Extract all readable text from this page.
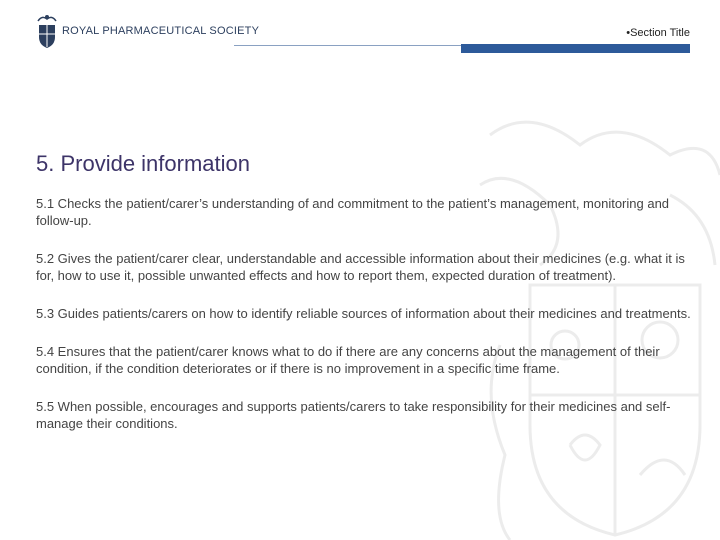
ROYAL PHARMACEUTICAL SOCIETY	•Section Title
5. Provide information

5.1 Checks the patient/carer’s understanding of and commitment to the patient’s management, monitoring and follow-up.

5.2 Gives the patient/carer clear, understandable and accessible information about their medicines (e.g. what it is for, how to use it, possible unwanted effects and how to report them, expected duration of treatment).

5.3 Guides patients/carers on how to identify reliable sources of information about their medicines and treatments.

5.4 Ensures that the patient/carer knows what to do if there are any concerns about the management of their condition, if the condition deteriorates or if there is no improvement in a specific time frame.

5.5 When possible, encourages and supports patients/carers to take responsibility for their medicines and self-manage their conditions.
